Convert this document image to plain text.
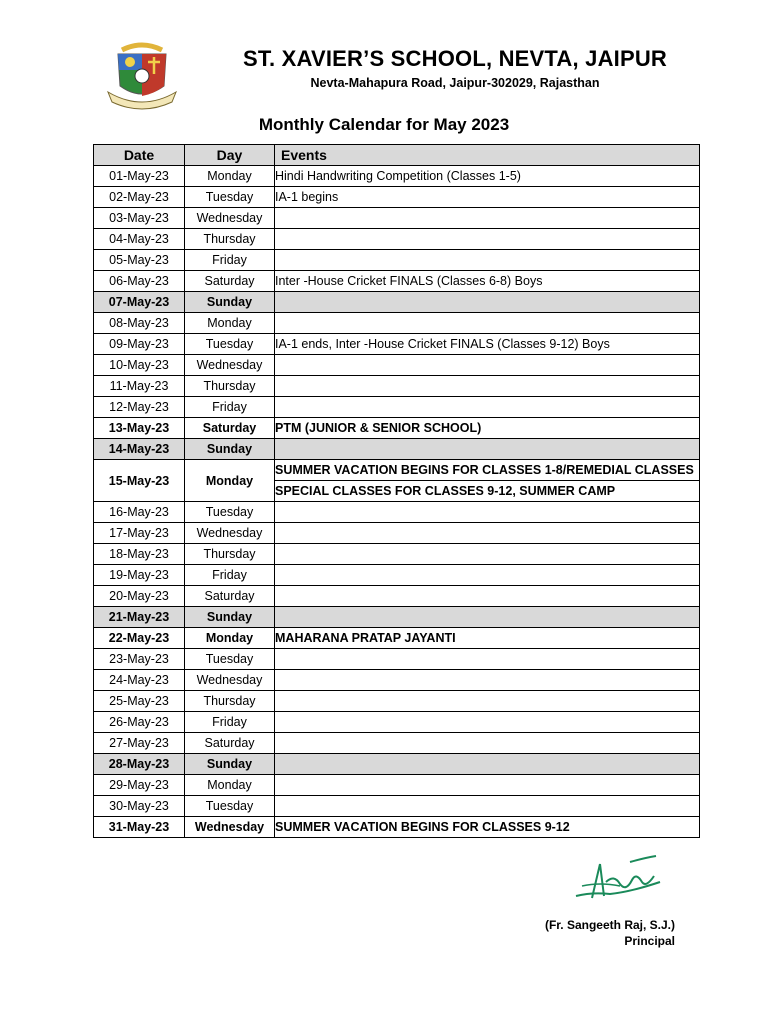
ST. XAVIER’S SCHOOL, NEVTA, JAIPUR
Nevta-Mahapura Road, Jaipur-302029, Rajasthan
Monthly Calendar for May 2023
Date	Day	Events
01-May-23	Monday	Hindi Handwriting Competition (Classes 1-5)
02-May-23	Tuesday	IA-1 begins
03-May-23	Wednesday	
04-May-23	Thursday	
05-May-23	Friday	
06-May-23	Saturday	Inter -House Cricket FINALS (Classes 6-8) Boys
07-May-23	Sunday	
08-May-23	Monday	
09-May-23	Tuesday	IA-1 ends, Inter -House Cricket FINALS (Classes 9-12) Boys
10-May-23	Wednesday	
11-May-23	Thursday	
12-May-23	Friday	
13-May-23	Saturday	PTM (JUNIOR & SENIOR SCHOOL)
14-May-23	Sunday	
15-May-23	Monday	SUMMER VACATION BEGINS FOR CLASSES 1-8/REMEDIAL CLASSES
		SPECIAL CLASSES FOR CLASSES 9-12, SUMMER CAMP
16-May-23	Tuesday	
17-May-23	Wednesday	
18-May-23	Thursday	
19-May-23	Friday	
20-May-23	Saturday	
21-May-23	Sunday	
22-May-23	Monday	MAHARANA PRATAP JAYANTI
23-May-23	Tuesday	
24-May-23	Wednesday	
25-May-23	Thursday	
26-May-23	Friday	
27-May-23	Saturday	
28-May-23	Sunday	
29-May-23	Monday	
30-May-23	Tuesday	
31-May-23	Wednesday	SUMMER VACATION BEGINS FOR CLASSES 9-12
(Fr. Sangeeth Raj, S.J.)
Principal
